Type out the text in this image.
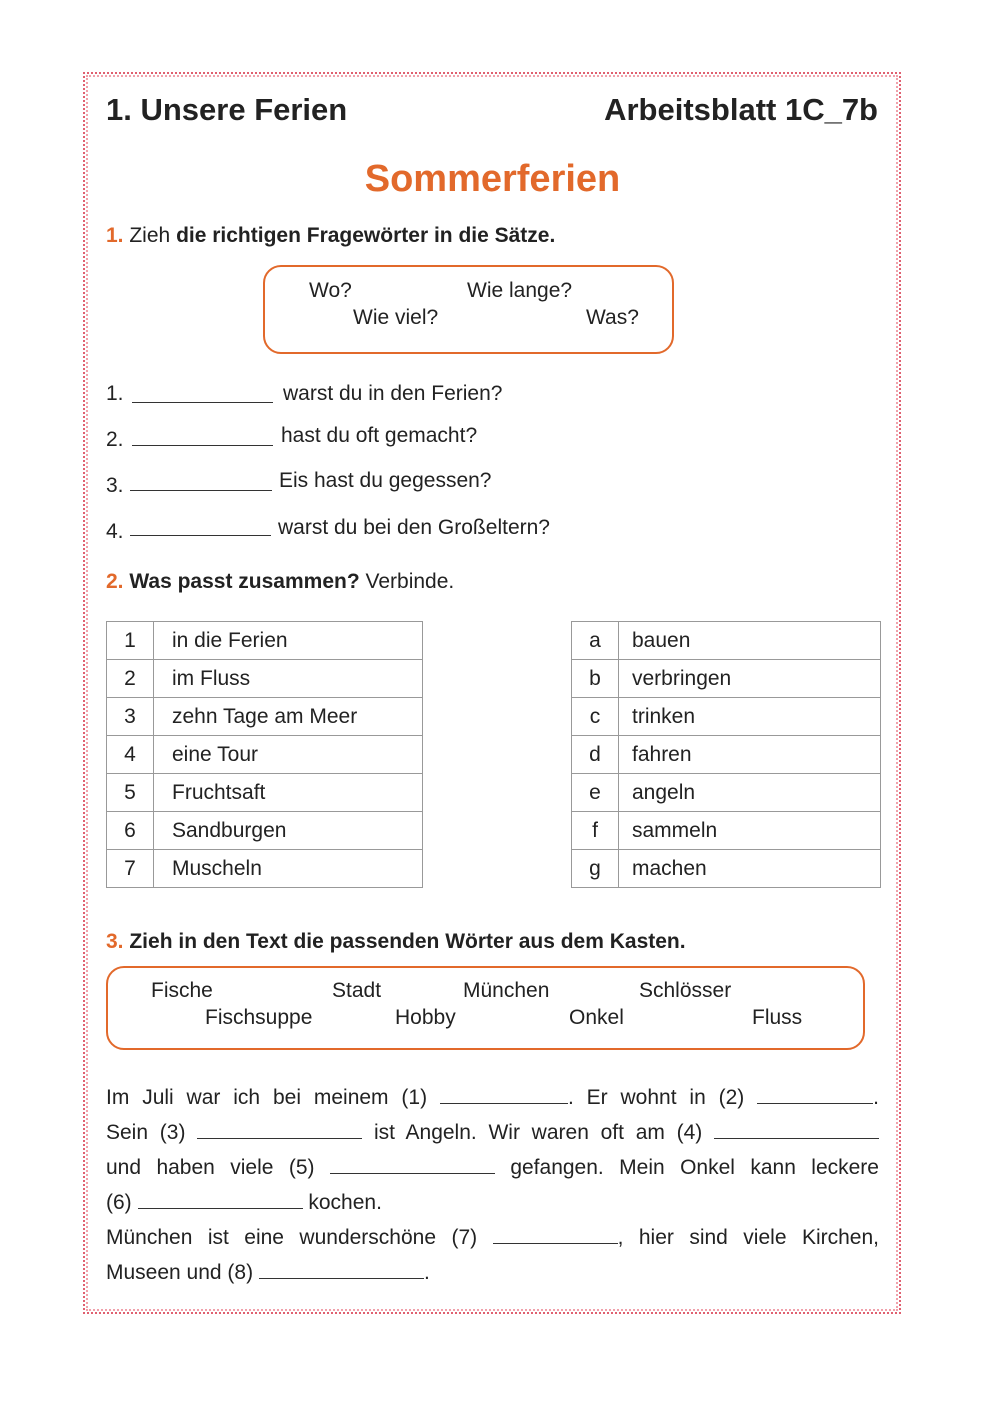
1. Unsere Ferien	Arbeitsblatt 1C_7b
Sommerferien
1. Zieh die richtigen Fragewörter in die Sätze.
Wo?	Wie lange?
Wie viel?	Was?
1.	warst du in den Ferien?
2.	hast du oft gemacht?
3.	Eis hast du gegessen?
4.	warst du bei den Großeltern?
2. Was passt zusammen? Verbinde.
1	in die Ferien
2	im Fluss
3	zehn Tage am Meer
4	eine Tour
5	Fruchtsaft
6	Sandburgen
7	Muscheln
a	bauen
b	verbringen
c	trinken
d	fahren
e	angeln
f	sammeln
g	machen
3. Zieh in den Text die passenden Wörter aus dem Kasten.
Fische	Stadt	München	Schlösser
Fischsuppe	Hobby	Onkel	Fluss
Im Juli war ich bei meinem (1)	. Er wohnt in (2)	.
Sein (3)	ist Angeln. Wir waren oft am (4)
und haben viele (5)	gefangen. Mein Onkel kann leckere
(6)	kochen.
München ist eine wunderschöne (7)	, hier sind viele Kirchen,
Museen und (8)	.
